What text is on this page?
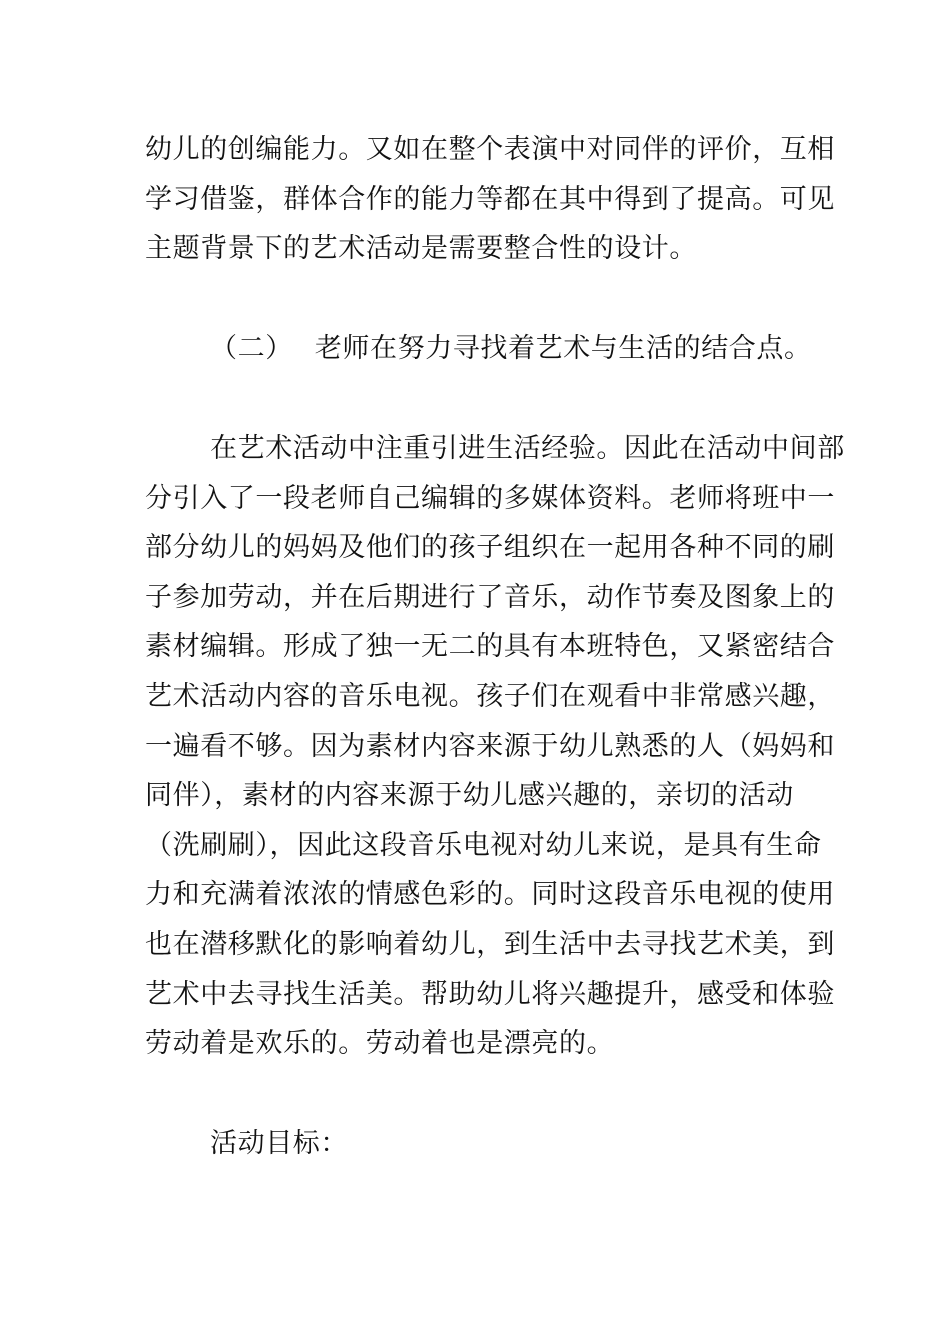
幼儿的创编能力。又如在整个表演中对同伴的评价，互相
学习借鉴，群体合作的能力等都在其中得到了提高。可见
主题背景下的艺术活动是需要整合性的设计。
（二） 老师在努力寻找着艺术与生活的结合点。
在艺术活动中注重引进生活经验。因此在活动中间部
分引入了一段老师自己编辑的多媒体资料。老师将班中一
部分幼儿的妈妈及他们的孩子组织在一起用各种不同的刷
子参加劳动，并在后期进行了音乐，动作节奏及图象上的
素材编辑。形成了独一无二的具有本班特色，又紧密结合
艺术活动内容的音乐电视。孩子们在观看中非常感兴趣，
一遍看不够。因为素材内容来源于幼儿熟悉的人（妈妈和
同伴），素材的内容来源于幼儿感兴趣的，亲切的活动
（洗刷刷），因此这段音乐电视对幼儿来说，是具有生命
力和充满着浓浓的情感色彩的。同时这段音乐电视的使用
也在潜移默化的影响着幼儿，到生活中去寻找艺术美，到
艺术中去寻找生活美。帮助幼儿将兴趣提升，感受和体验
劳动着是欢乐的。劳动着也是漂亮的。
活动目标：
